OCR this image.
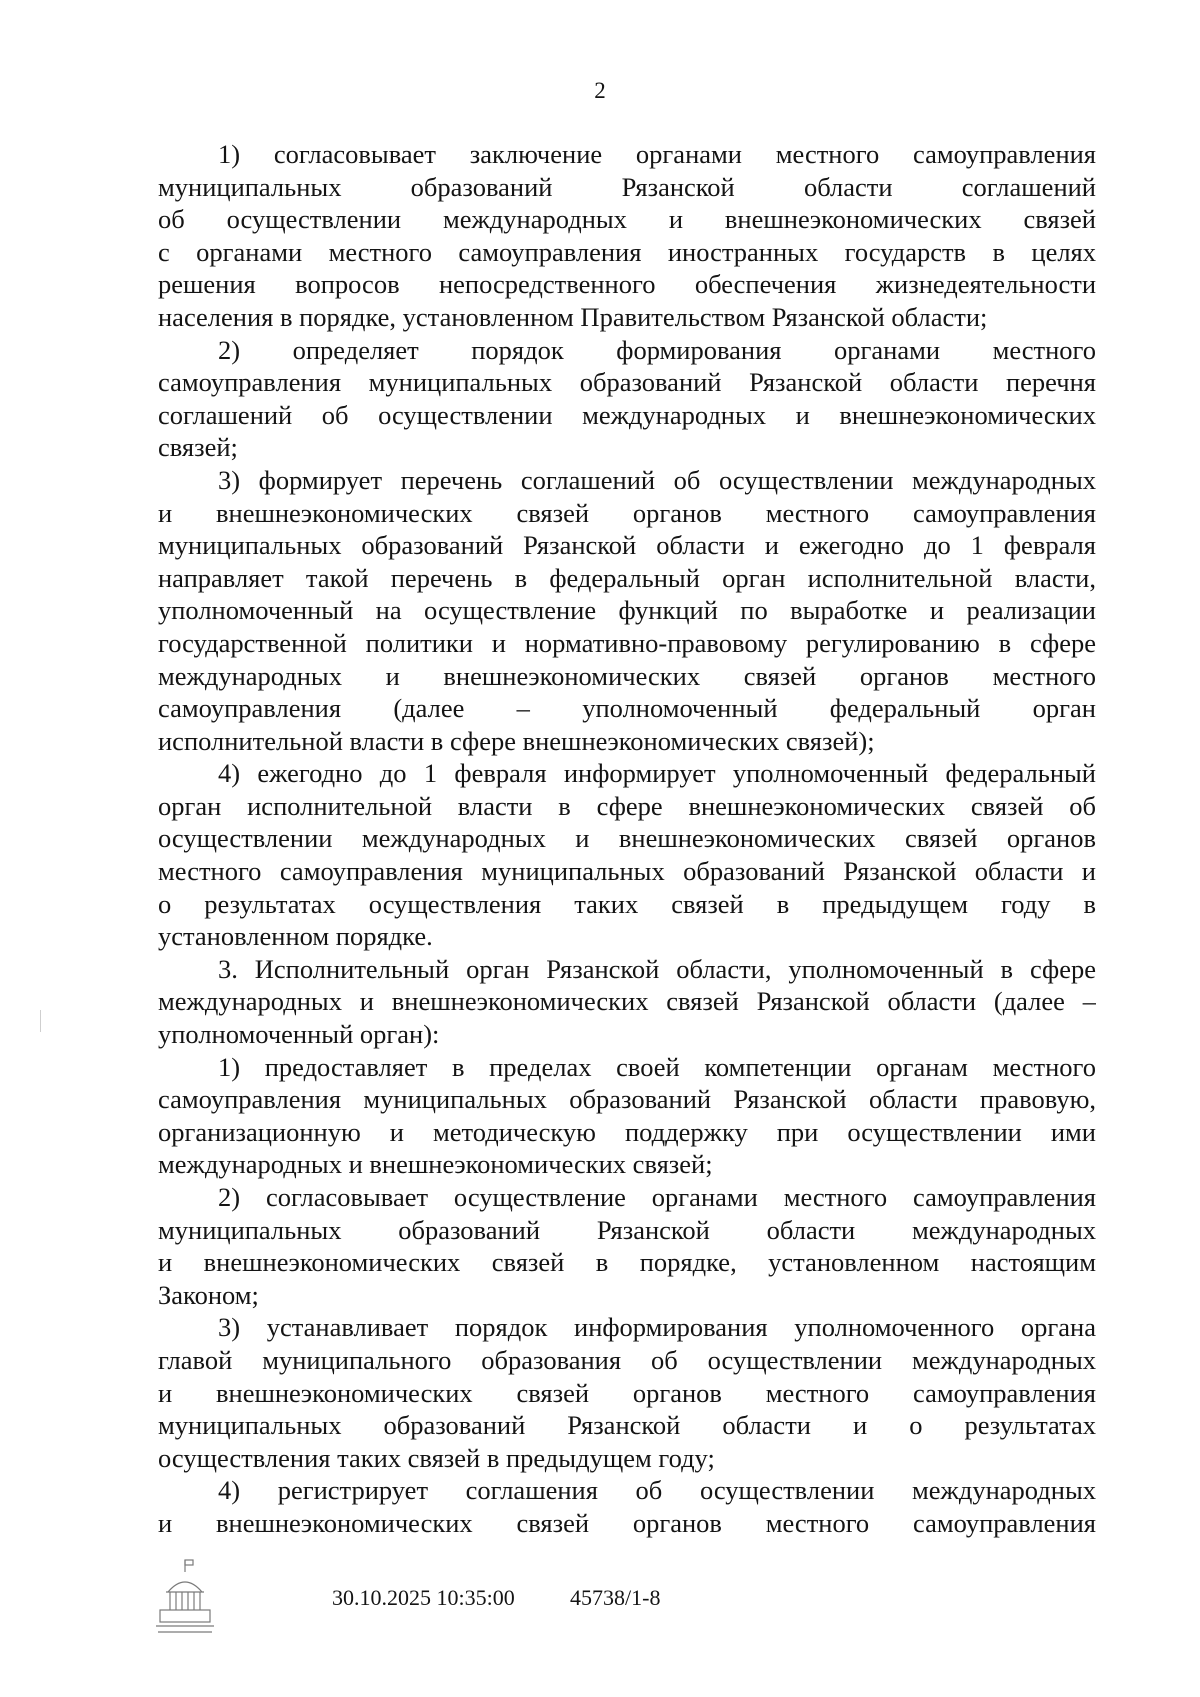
2
1) согласовывает заключение органами местного самоуправления
муниципальных образований Рязанской области соглашений
об осуществлении международных и внешнеэкономических связей
с органами местного самоуправления иностранных государств в целях
решения вопросов непосредственного обеспечения жизнедеятельности
населения в порядке, установленном Правительством Рязанской области;
2) определяет порядок формирования органами местного
самоуправления муниципальных образований Рязанской области перечня
соглашений об осуществлении международных и внешнеэкономических
связей;
3) формирует перечень соглашений об осуществлении международных
и внешнеэкономических связей органов местного самоуправления
муниципальных образований Рязанской области и ежегодно до 1 февраля
направляет такой перечень в федеральный орган исполнительной власти,
уполномоченный на осуществление функций по выработке и реализации
государственной политики и нормативно-правовому регулированию в сфере
международных и внешнеэкономических связей органов местного
самоуправления (далее – уполномоченный федеральный орган
исполнительной власти в сфере внешнеэкономических связей);
4) ежегодно до 1 февраля информирует уполномоченный федеральный
орган исполнительной власти в сфере внешнеэкономических связей об
осуществлении международных и внешнеэкономических связей органов
местного самоуправления муниципальных образований Рязанской области и
о результатах осуществления таких связей в предыдущем году в
установленном порядке.
3. Исполнительный орган Рязанской области, уполномоченный в сфере
международных и внешнеэкономических связей Рязанской области (далее –
уполномоченный орган):
1) предоставляет в пределах своей компетенции органам местного
самоуправления муниципальных образований Рязанской области правовую,
организационную и методическую поддержку при осуществлении ими
международных и внешнеэкономических связей;
2) согласовывает осуществление органами местного самоуправления
муниципальных образований Рязанской области международных
и внешнеэкономических связей в порядке, установленном настоящим
Законом;
3) устанавливает порядок информирования уполномоченного органа
главой муниципального образования об осуществлении международных
и внешнеэкономических связей органов местного самоуправления
муниципальных образований Рязанской области и о результатах
осуществления таких связей в предыдущем году;
4) регистрирует соглашения об осуществлении международных
и внешнеэкономических связей органов местного самоуправления
30.10.2025 10:35:00	45738/1-8
